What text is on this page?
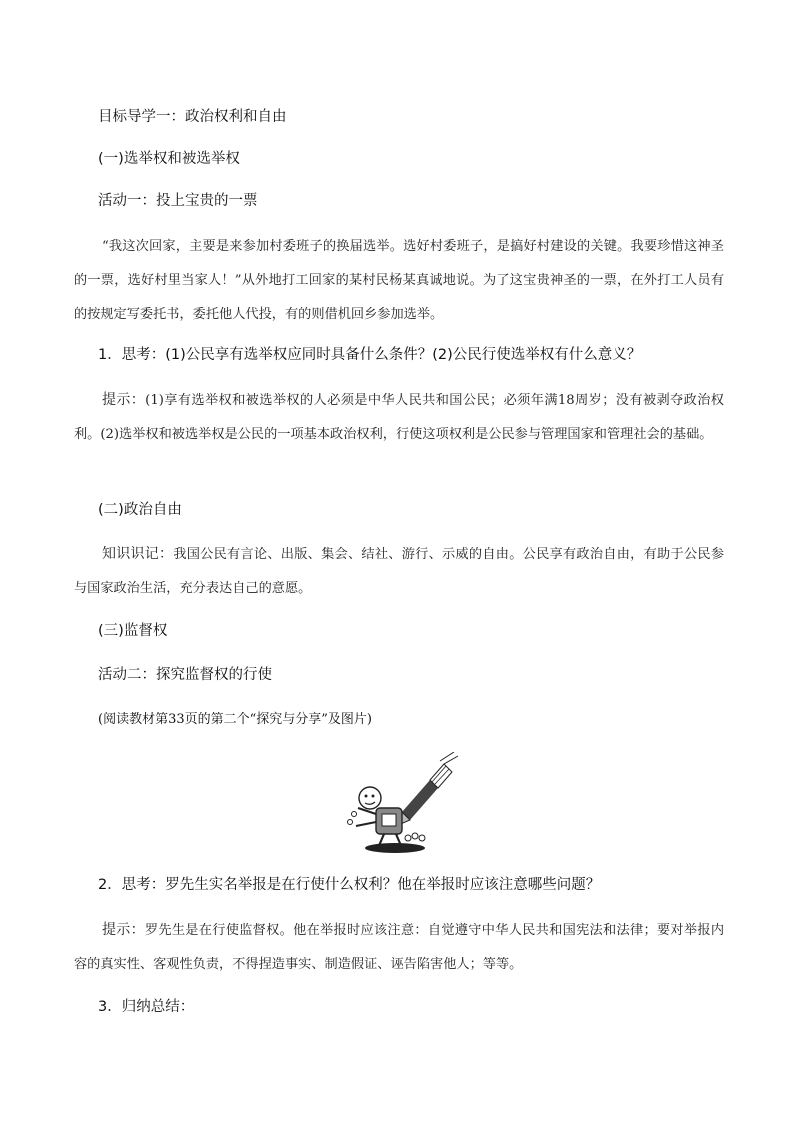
目标导学一：政治权利和自由
(一)选举权和被选举权
活动一：投上宝贵的一票

“我这次回家，主要是来参加村委班子的换届选举。选好村委班子，是搞好村建设的关键。我要珍惜这神圣的一票，选好村里当家人！”从外地打工回家的某村民杨某真诚地说。为了这宝贵神圣的一票，在外打工人员有的按规定写委托书，委托他人代投，有的则借机回乡参加选举。

1．思考：(1)公民享有选举权应同时具备什么条件？(2)公民行使选举权有什么意义？

提示：(1)享有选举权和被选举权的人必须是中华人民共和国公民；必须年满18周岁；没有被剥夺政治权利。(2)选举权和被选举权是公民的一项基本政治权利，行使这项权利是公民参与管理国家和管理社会的基础。

(二)政治自由

知识识记：我国公民有言论、出版、集会、结社、游行、示威的自由。公民享有政治自由，有助于公民参与国家政治生活，充分表达自己的意愿。

(三)监督权
活动二：探究监督权的行使
(阅读教材第33页的第二个“探究与分享”及图片)
2．思考：罗先生实名举报是在行使什么权利？他在举报时应该注意哪些问题？

提示：罗先生是在行使监督权。他在举报时应该注意：自觉遵守中华人民共和国宪法和法律；要对举报内容的真实性、客观性负责，不得捏造事实、制造假证、诬告陷害他人；等等。

3．归纳总结：
